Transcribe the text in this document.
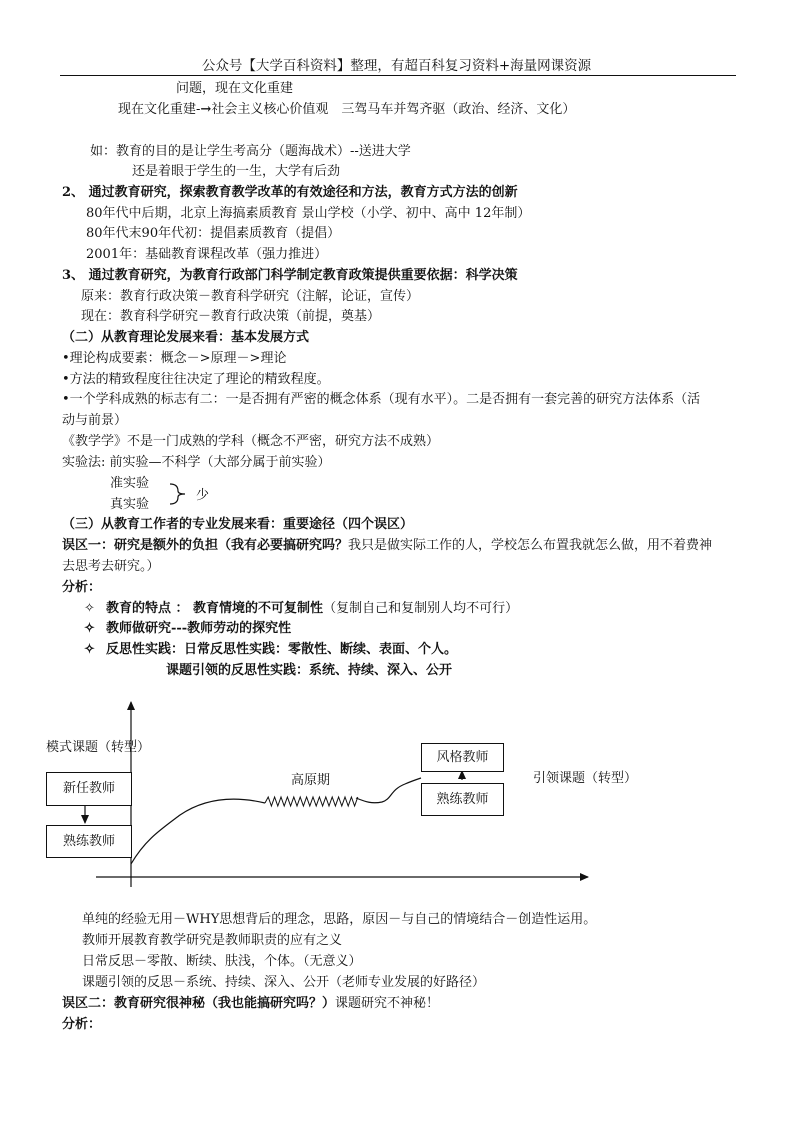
公众号【大学百科资料】整理，有超百科复习资料+海量网课资源
问题，现在文化重建
现在文化重建-→社会主义核心价值观　三驾马车并驾齐驱（政治、经济、文化）
如：教育的目的是让学生考高分（题海战术）--送进大学
还是着眼于学生的一生，大学有后劲
2、 通过教育研究，探索教育教学改革的有效途径和方法，教育方式方法的创新
80年代中后期，北京上海搞素质教育 景山学校（小学、初中、高中 12年制）
80年代末90年代初：提倡素质教育（提倡）
2001年：基础教育课程改革（强力推进）
3、 通过教育研究，为教育行政部门科学制定教育政策提供重要依据：科学决策
原来：教育行政决策－教育科学研究（注解，论证，宣传）
现在：教育科学研究－教育行政决策（前提，奠基）
（二）从教育理论发展来看：基本发展方式
•理论构成要素：概念－>原理－>理论
•方法的精致程度往往决定了理论的精致程度。
•一个学科成熟的标志有二：一是否拥有严密的概念体系（现有水平）。二是否拥有一套完善的研究方法体系（活
动与前景）
《教学学》不是一门成熟的学科（概念不严密，研究方法不成熟）
实验法: 前实验—不科学（大部分属于前实验）
准实验
真实验
少
（三）从教育工作者的专业发展来看：重要途径（四个误区）
误区一：研究是额外的负担（我有必要搞研究吗？我只是做实际工作的人，学校怎么布置我就怎么做，用不着费神
去思考去研究。）
分析：
✧ 教育的特点 ： 教育情境的不可复制性（复制自己和复制别人均不可行）
✧ 教师做研究---教师劳动的探究性
✧ 反思性实践：日常反思性实践：零散性、断续、表面、个人。
课题引领的反思性实践：系统、持续、深入、公开
模式课题（转型）
引领课题（转型）
高原期
新任教师
熟练教师
风格教师
熟练教师
单纯的经验无用－WHY思想背后的理念，思路，原因－与自己的情境结合－创造性运用。
教师开展教育教学研究是教师职责的应有之义
日常反思－零散、断续、肤浅，个体。（无意义）
课题引领的反思－系统、持续、深入、公开（老师专业发展的好路径）
误区二：教育研究很神秘（我也能搞研究吗？）课题研究不神秘！
分析：
